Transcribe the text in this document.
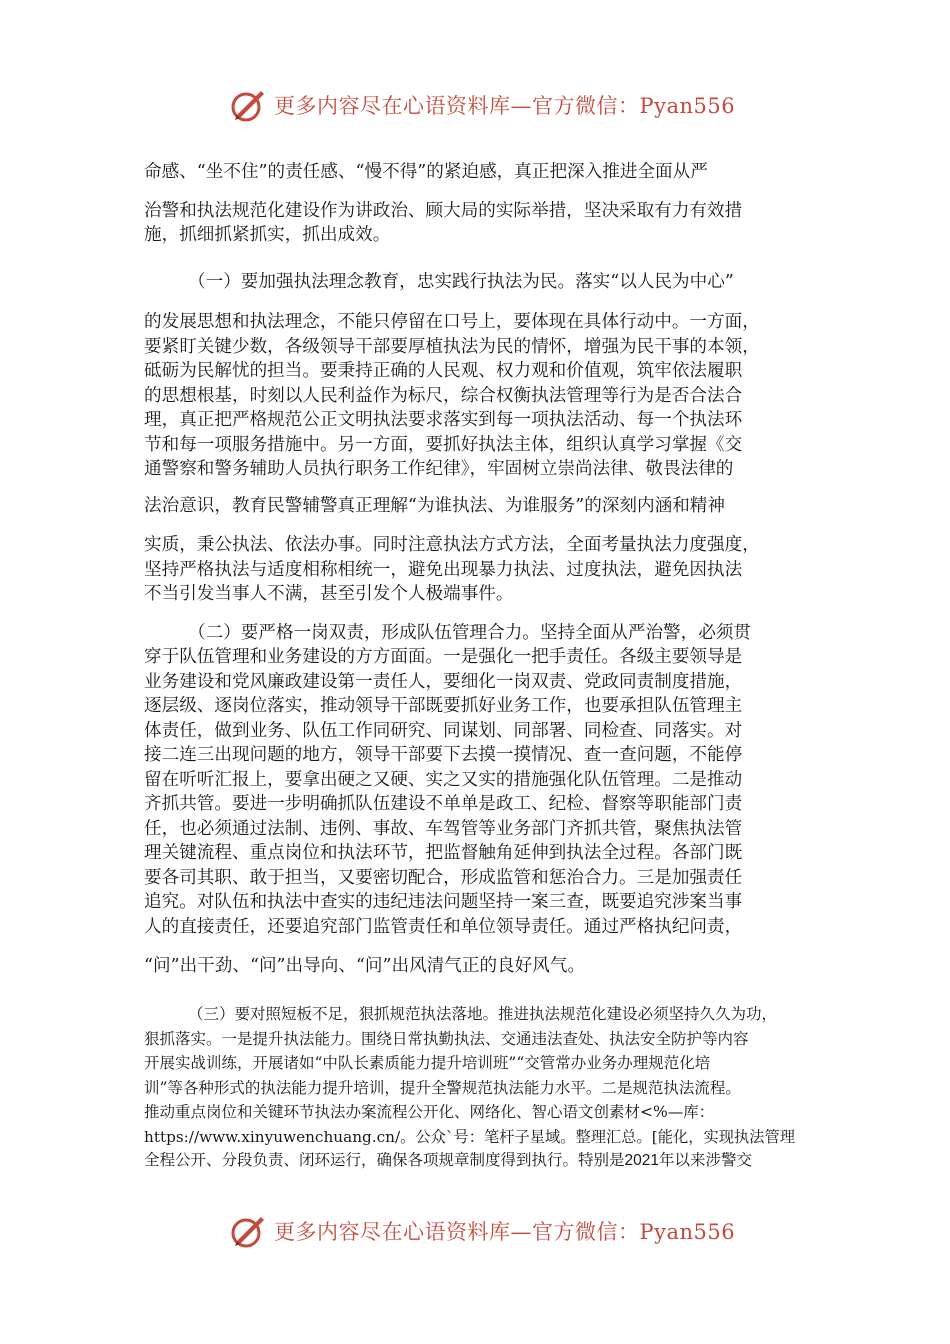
更多内容尽在心语资料库—官方微信：Pyan556
命感、“坐不住”的责任感、“慢不得”的紧迫感，真正把深入推进全面从严
治警和执法规范化建设作为讲政治、顾大局的实际举措，坚决采取有力有效措
施，抓细抓紧抓实，抓出成效。
（一）要加强执法理念教育，忠实践行执法为民。落实“以人民为中心”
的发展思想和执法理念，不能只停留在口号上，要体现在具体行动中。一方面，
要紧盯关键少数，各级领导干部要厚植执法为民的情怀，增强为民干事的本领，
砥砺为民解忧的担当。要秉持正确的人民观、权力观和价值观，筑牢依法履职
的思想根基，时刻以人民利益作为标尺，综合权衡执法管理等行为是否合法合
理，真正把严格规范公正文明执法要求落实到每一项执法活动、每一个执法环
节和每一项服务措施中。另一方面，要抓好执法主体，组织认真学习掌握《交
通警察和警务辅助人员执行职务工作纪律》，牢固树立崇尚法律、敬畏法律的
法治意识，教育民警辅警真正理解“为谁执法、为谁服务”的深刻内涵和精神
实质，秉公执法、依法办事。同时注意执法方式方法，全面考量执法力度强度，
坚持严格执法与适度相称相统一，避免出现暴力执法、过度执法，避免因执法
不当引发当事人不满，甚至引发个人极端事件。
（二）要严格一岗双责，形成队伍管理合力。坚持全面从严治警，必须贯
穿于队伍管理和业务建设的方方面面。一是强化一把手责任。各级主要领导是
业务建设和党风廉政建设第一责任人，要细化一岗双责、党政同责制度措施，
逐层级、逐岗位落实，推动领导干部既要抓好业务工作，也要承担队伍管理主
体责任，做到业务、队伍工作同研究、同谋划、同部署、同检查、同落实。对
接二连三出现问题的地方，领导干部要下去摸一摸情况、查一查问题，不能停
留在听听汇报上，要拿出硬之又硬、实之又实的措施强化队伍管理。二是推动
齐抓共管。要进一步明确抓队伍建设不单单是政工、纪检、督察等职能部门责
任，也必须通过法制、违例、事故、车驾管等业务部门齐抓共管，聚焦执法管
理关键流程、重点岗位和执法环节，把监督触角延伸到执法全过程。各部门既
要各司其职、敢于担当，又要密切配合，形成监管和惩治合力。三是加强责任
追究。对队伍和执法中查实的违纪违法问题坚持一案三查，既要追究涉案当事
人的直接责任，还要追究部门监管责任和单位领导责任。通过严格执纪问责，
“问”出干劲、“问”出导向、“问”出风清气正的良好风气。
（三）要对照短板不足，狠抓规范执法落地。推进执法规范化建设必须坚持久久为功，
狠抓落实。一是提升执法能力。围绕日常执勤执法、交通违法查处、执法安全防护等内容
开展实战训练，开展诸如“中队长素质能力提升培训班”“交管常办业务办理规范化培
训”等各种形式的执法能力提升培训，提升全警规范执法能力水平。二是规范执法流程。
推动重点岗位和关键环节执法办案流程公开化、网络化、智心语文创素材<%—库：
https://www.xinyuwenchuang.cn/。公众`号：笔杆子星域。整理汇总。[能化，实现执法管理
全程公开、分段负责、闭环运行，确保各项规章制度得到执行。特别是2021年以来涉警交
更多内容尽在心语资料库—官方微信：Pyan556
